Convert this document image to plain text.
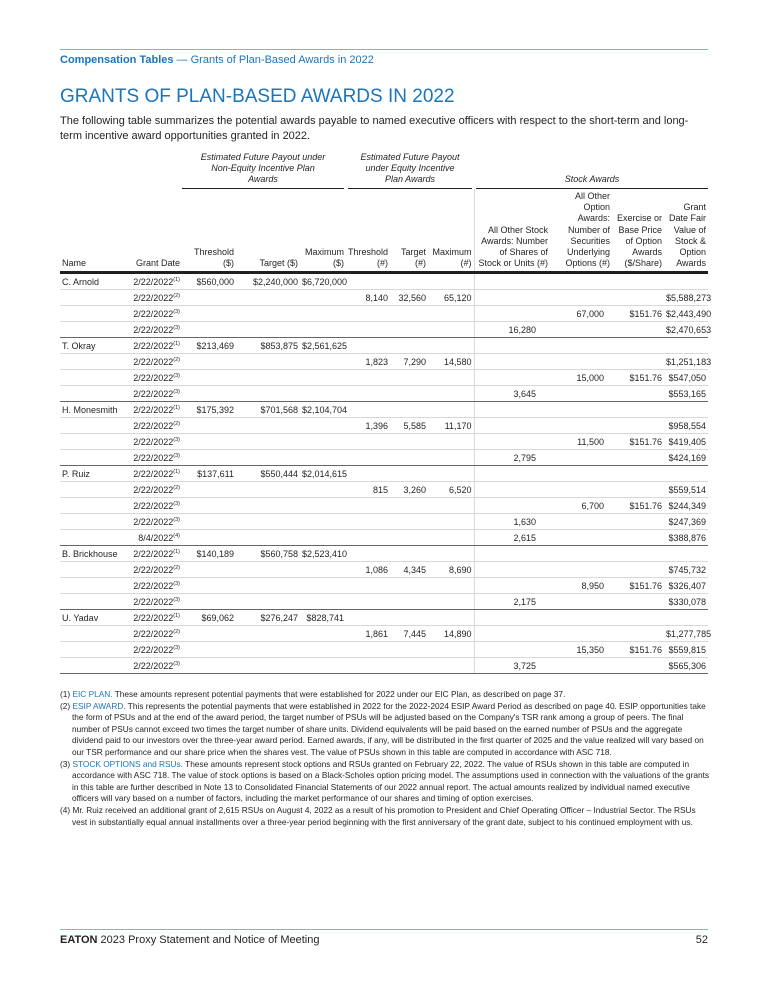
Compensation Tables — Grants of Plan-Based Awards in 2022
GRANTS OF PLAN-BASED AWARDS IN 2022
The following table summarizes the potential awards payable to named executive officers with respect to the short-term and long-term incentive award opportunities granted in 2022.
		Estimated Future Payout under Non-Equity Incentive Plan Awards			Estimated Future Payout under Equity Incentive Plan Awards			Stock Awards			
Name	Grant Date	Threshold ($)	Target ($)	Maximum ($)	Threshold (#)	Target (#)	Maximum (#)	All Other Stock Awards: Number of Shares of Stock or Units (#)	All Other Option Awards: Number of Securities Underlying Options (#)	Exercise or Base Price of Option Awards ($/Share)	Grant Date Fair Value of Stock & Option Awards
C. Arnold	2/22/2022$^{(1)}$	$560,000	$2,240,000	$6,720,000							
	2/22/2022$^{(2)}$				8,140	32,560	65,120				$5,588,273
	2/22/2022$^{(3)}$								67,000	$151.76	$2,443,490
	2/22/2022$^{(3)}$							16,280			$2,470,653
T. Okray	2/22/2022$^{(1)}$	$213,469	$853,875	$2,561,625							
	2/22/2022$^{(2)}$				1,823	7,290	14,580				$1,251,183
	2/22/2022$^{(3)}$								15,000	$151.76	$547,050
	2/22/2022$^{(3)}$							3,645			$553,165
H. Monesmith	2/22/2022$^{(1)}$	$175,392	$701,568	$2,104,704							
	2/22/2022$^{(2)}$				1,396	5,585	11,170				$958,554
	2/22/2022$^{(3)}$								11,500	$151.76	$419,405
	2/22/2022$^{(3)}$							2,795			$424,169
P. Ruiz	2/22/2022$^{(1)}$	$137,611	$550,444	$2,014,615							
	2/22/2022$^{(2)}$				815	3,260	6,520				$559,514
	2/22/2022$^{(3)}$								6,700	$151.76	$244,349
	2/22/2022$^{(3)}$							1,630			$247,369
	8/4/2022$^{(4)}$							2,615			$388,876
B. Brickhouse	2/22/2022$^{(1)}$	$140,189	$560,758	$2,523,410							
	2/22/2022$^{(2)}$				1,086	4,345	8,690				$745,732
	2/22/2022$^{(3)}$								8,950	$151.76	$326,407
	2/22/2022$^{(3)}$							2,175			$330,078
U. Yadav	2/22/2022$^{(1)}$	$69,062	$276,247	$828,741							
	2/22/2022$^{(2)}$				1,861	7,445	14,890				$1,277,785
	2/22/2022$^{(3)}$								15,350	$151.76	$559,815
	2/22/2022$^{(3)}$							3,725			$565,306
(1) EIC PLAN. These amounts represent potential payments that were established for 2022 under our EIC Plan, as described on page 37.
(2) ESIP AWARD. This represents the potential payments that were established in 2022 for the 2022-2024 ESIP Award Period as described on page 40. ESIP opportunities take the form of PSUs and at the end of the award period, the target number of PSUs will be adjusted based on the Company's TSR rank among a group of peers. The final number of PSUs cannot exceed two times the target number of share units. Dividend equivalents will be paid based on the earned number of PSUs and the aggregate dividend paid to our investors over the three-year award period. Earned awards, if any, will be distributed in the first quarter of 2025 and the value realized will vary based on our TSR performance and our share price when the shares vest. The value of PSUs shown in this table are computed in accordance with ASC 718.
(3) STOCK OPTIONS and RSUs. These amounts represent stock options and RSUs granted on February 22, 2022. The value of RSUs shown in this table are computed in accordance with ASC 718. The value of stock options is based on a Black-Scholes option pricing model. The assumptions used in connection with the valuations of the grants in this table are further described in Note 13 to Consolidated Financial Statements of our 2022 annual report. The actual amounts realized by individual named executive officers will vary based on a number of factors, including the market performance of our shares and timing of option exercises.
(4) Mr. Ruiz received an additional grant of 2,615 RSUs on August 4, 2022 as a result of his promotion to President and Chief Operating Officer – Industrial Sector. The RSUs vest in substantially equal annual installments over a three-year period beginning with the first anniversary of the grant date, subject to his continued employment with us.
EATON 2023 Proxy Statement and Notice of Meeting	52
